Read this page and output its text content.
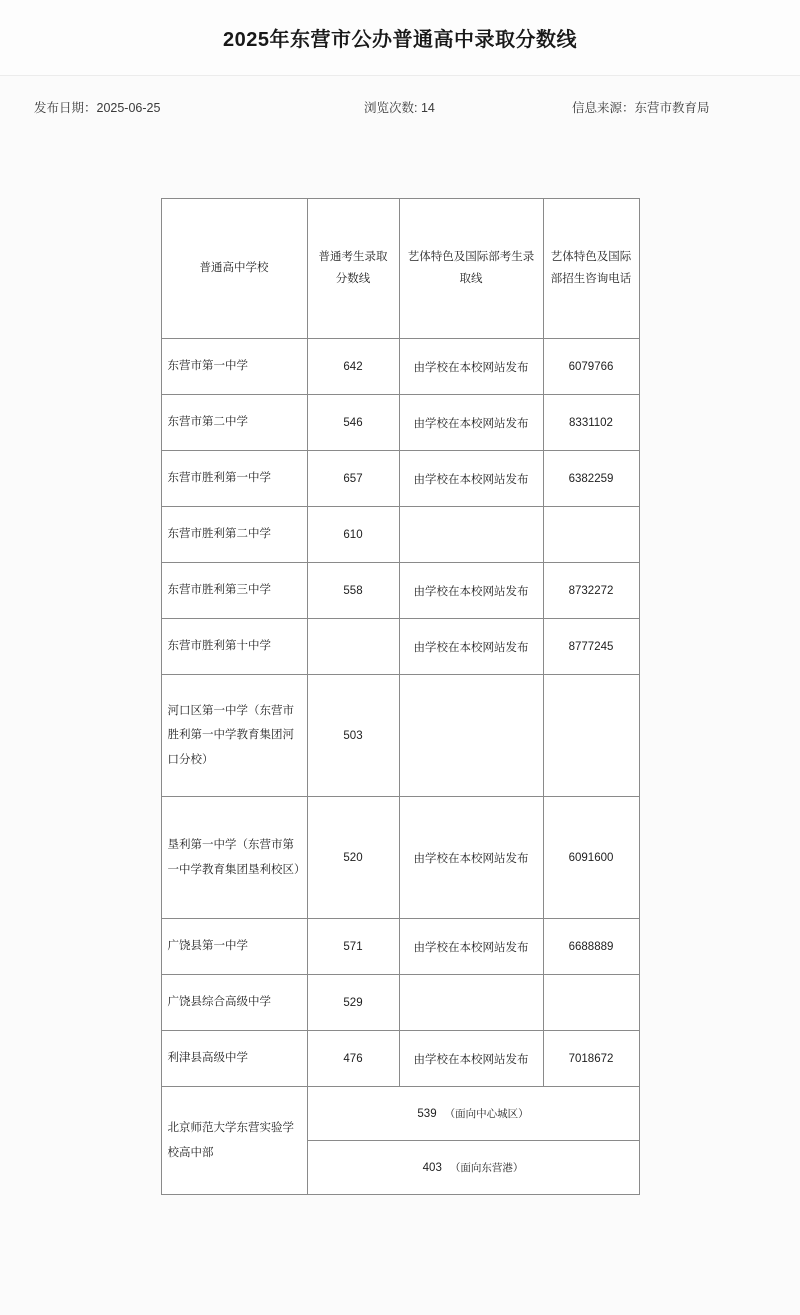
2025年东营市公办普通高中录取分数线
发布日期：2025-06-25	浏览次数: 14	信息来源：东营市教育局
普通高中学校	普通考生录取分数线	艺体特色及国际部考生录取线	艺体特色及国际部招生咨询电话
东营市第一中学	642	由学校在本校网站发布	6079766
东营市第二中学	546	由学校在本校网站发布	8331102
东营市胜利第一中学	657	由学校在本校网站发布	6382259
东营市胜利第二中学	610		
东营市胜利第三中学	558	由学校在本校网站发布	8732272
东营市胜利第十中学		由学校在本校网站发布	8777245
河口区第一中学（东营市胜利第一中学教育集团河口分校）	503		
垦利第一中学（东营市第一中学教育集团垦利校区）	520	由学校在本校网站发布	6091600
广饶县第一中学	571	由学校在本校网站发布	6688889
广饶县综合高级中学	529		
利津县高级中学	476	由学校在本校网站发布	7018672
北京师范大学东营实验学校高中部	539 （面向中心城区）		
	403 （面向东营港）		
